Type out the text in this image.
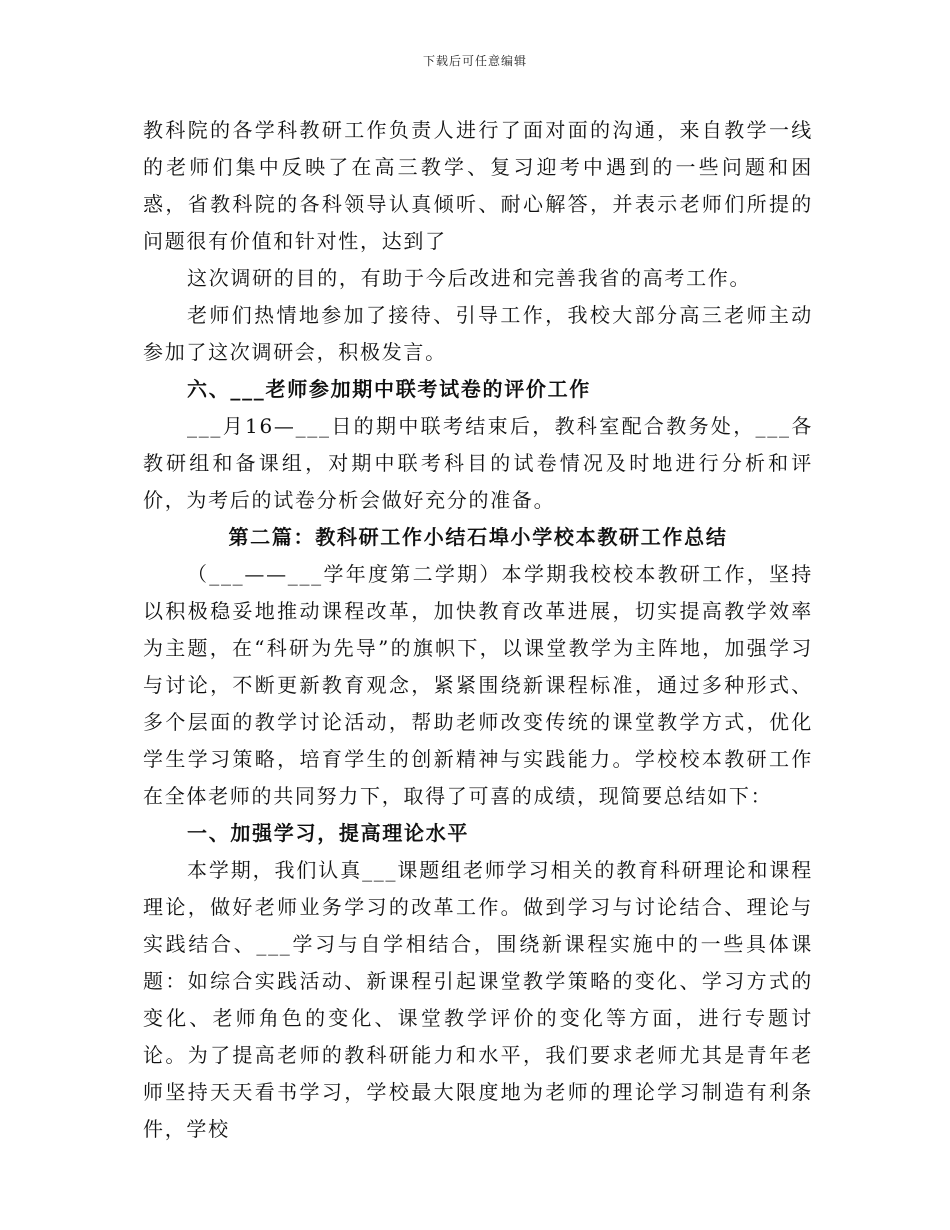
下载后可任意编辑

教科院的各学科教研工作负责人进行了面对面的沟通，来自教学一线的老师们集中反映了在高三教学、复习迎考中遇到的一些问题和困惑，省教科院的各科领导认真倾听、耐心解答，并表示老师们所提的问题很有价值和针对性，达到了

这次调研的目的，有助于今后改进和完善我省的高考工作。

老师们热情地参加了接待、引导工作，我校大部分高三老师主动参加了这次调研会，积极发言。

六、___老师参加期中联考试卷的评价工作

___月16—___日的期中联考结束后，教科室配合教务处，___各教研组和备课组，对期中联考科目的试卷情况及时地进行分析和评价，为考后的试卷分析会做好充分的准备。

第二篇：教科研工作小结石埠小学校本教研工作总结

（___——___学年度第二学期）本学期我校校本教研工作，坚持以积极稳妥地推动课程改革，加快教育改革进展，切实提高教学效率为主题，在“科研为先导”的旗帜下，以课堂教学为主阵地，加强学习与讨论，不断更新教育观念，紧紧围绕新课程标准，通过多种形式、多个层面的教学讨论活动，帮助老师改变传统的课堂教学方式，优化学生学习策略，培育学生的创新精神与实践能力。学校校本教研工作在全体老师的共同努力下，取得了可喜的成绩，现简要总结如下：

一、加强学习，提高理论水平

本学期，我们认真___课题组老师学习相关的教育科研理论和课程理论，做好老师业务学习的改革工作。做到学习与讨论结合、理论与实践结合、___学习与自学相结合，围绕新课程实施中的一些具体课题：如综合实践活动、新课程引起课堂教学策略的变化、学习方式的变化、老师角色的变化、课堂教学评价的变化等方面，进行专题讨论。为了提高老师的教科研能力和水平，我们要求老师尤其是青年老师坚持天天看书学习，学校最大限度地为老师的理论学习制造有利条件，学校
